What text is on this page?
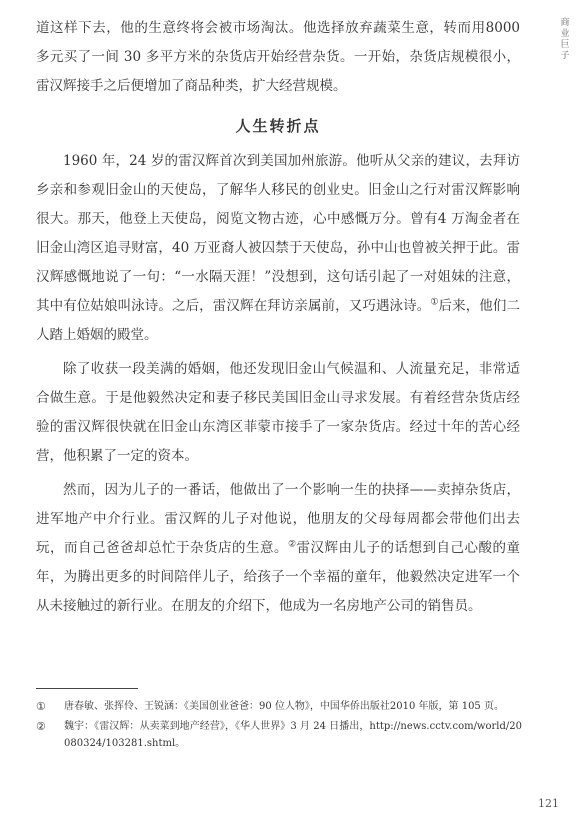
商业巨子

道这样下去，他的生意终将会被市场淘汰。他选择放弃蔬菜生意，转而用8000 多元买了一间 30 多平方米的杂货店开始经营杂货。一开始，杂货店规模很小，雷汉辉接手之后便增加了商品种类，扩大经营规模。

人生转折点

1960 年，24 岁的雷汉辉首次到美国加州旅游。他听从父亲的建议，去拜访乡亲和参观旧金山的天使岛，了解华人移民的创业史。旧金山之行对雷汉辉影响很大。那天，他登上天使岛，阅览文物古迹，心中感慨万分。曾有4 万淘金者在旧金山湾区追寻财富，40 万亚裔人被囚禁于天使岛，孙中山也曾被关押于此。雷汉辉感慨地说了一句：“一水隔天涯！”没想到，这句话引起了一对姐妹的注意，其中有位姑娘叫泳诗。之后，雷汉辉在拜访亲属前，又巧遇泳诗。①后来，他们二人踏上婚姻的殿堂。

除了收获一段美满的婚姻，他还发现旧金山气候温和、人流量充足，非常适合做生意。于是他毅然决定和妻子移民美国旧金山寻求发展。有着经营杂货店经验的雷汉辉很快就在旧金山东湾区菲蒙市接手了一家杂货店。经过十年的苦心经营，他积累了一定的资本。

然而，因为儿子的一番话，他做出了一个影响一生的抉择——卖掉杂货店，进军地产中介行业。雷汉辉的儿子对他说，他朋友的父母每周都会带他们出去玩，而自己爸爸却总忙于杂货店的生意。②雷汉辉由儿子的话想到自己心酸的童年，为腾出更多的时间陪伴儿子，给孩子一个幸福的童年，他毅然决定进军一个从未接触过的新行业。在朋友的介绍下，他成为一名房地产公司的销售员。

①	唐春敏、张挥伶、王锐涵：《美国创业爸爸：90 位人物》，中国华侨出版社2010 年版，第 105 页。
②	魏宇：《雷汉辉：从卖菜到地产经营》，《华人世界》3 月 24 日播出，http://news.cctv.com/world/20080324/103281.shtml。
121
